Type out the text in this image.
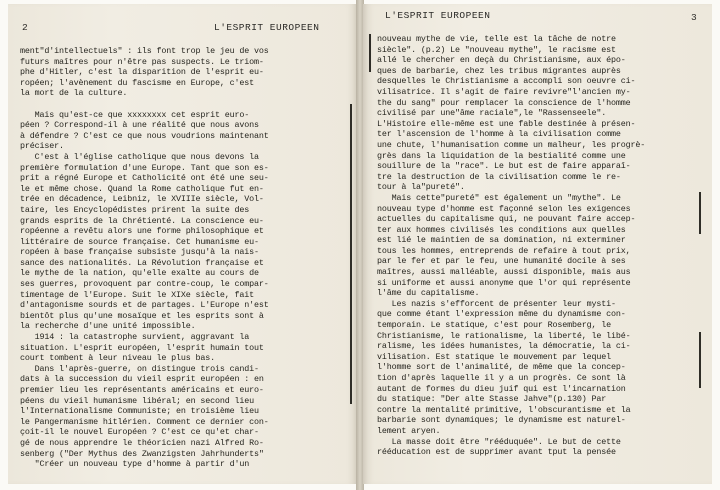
2	L'ESPRIT EUROPEEN
ment"d'intellectuels" : ils font trop le jeu de vos
futurs maîtres pour n'être pas suspects. Le triom-
phe d'Hitler, c'est la disparition de l'esprit eu-
ropéen; l'avènement du fascisme en Europe, c'est
la mort de la culture.

Mais qu'est-ce que xxxxxxxx cet esprit euro-
péen ? Correspond-il à une réalité que nous avons
à défendre ? C'est ce que nous voudrions maintenant
préciser.
C'est à l'église catholique que nous devons la
première formulation d'une Europe. Tant que son es-
prit a régné Europe et Catholicité ont été une seu-
le et même chose. Quand la Rome catholique fut en-
trée en décadence, Leibniz, le XVIIIe siècle, Vol-
taire, les Encyclopédistes prirent la suite des
grands esprits de la Chrétienté. La conscience eu-
ropéenne a revêtu alors une forme philosophique et
littéraire de source française. Cet humanisme eu-
ropéen à base française subsiste jusqu'à la nais-
sance des nationalités. La Révolution française et
le mythe de la nation, qu'elle exalte au cours de
ses guerres, provoquent par contre-coup, le compar-
timentage de l'Europe. Suit le XIXe siècle, fait
d'antagonisme sourds et de partages. L'Europe n'est
bientôt plus qu'une mosaïque et les esprits sont à
la recherche d'une unité impossible.
1914 : la catastrophe survient, aggravant la
situation. L'esprit européen, l'esprit humain tout
court tombent à leur niveau le plus bas.
Dans l'après-guerre, on distingue trois candi-
dats à la succession du vieil esprit européen : en
premier lieu les représentants américains et euro-
péens du vieil humanisme libéral; en second lieu
l'Internationalisme Communiste; en troisième lieu
le Pangermanisme hitlérien. Comment ce dernier con-
çoit-il le nouvel Européen ? C'est ce qu'et char-
gé de nous apprendre le théoricien nazi Alfred Ro-
senberg ("Der Mythus des Zwanzigsten Jahrhunderts"
"Créer un nouveau type d'homme à partir d'un
L'ESPRIT EUROPEEN	3
nouveau mythe de vie, telle est la tâche de notre
siècle". (p.2) Le "nouveau mythe", le racisme est
allé le chercher en deçà du Christianisme, aux épo-
ques de barbarie, chez les tribus migrantes auprès
desquelles le Christianisme a accompli son oeuvre ci-
vilisatrice. Il s'agit de faire revivre"l'ancien my-
the du sang" pour remplacer la conscience de l'homme
civilisé par une"âme raciale",le "Rassenseele".
L'Histoire elle-même est une fable destinée à présen-
ter l'ascension de l'homme à la civilisation comme
une chute, l'humanisation comme un malheur, les progrè-
grès dans la liquidation de la bestialité comme une
souillure de la "race". Le but est de faire apparaî-
tre la destruction de la civilisation comme le re-
tour à la"pureté".
Mais cette"pureté" est également un "mythe". Le
nouveau type d'homme est façonné selon les exigences
actuelles du capitalisme qui, ne pouvant faire accep-
ter aux hommes civilisés les conditions aux quelles
est lié le maintien de sa domination, ni exterminer
tous les hommes, entreprends de refaire à tout prix,
par le fer et par le feu, une humanité docile à ses
maîtres, aussi malléable, aussi disponible, mais aus
si uniforme et aussi anonyme que l'or qui représente
l'âme du capitalisme.
Les nazis s'efforcent de présenter leur mysti-
que comme étant l'expression même du dynamisme con-
temporain. Le statique, c'est pour Rosemberg, le
Christianisme, le rationalisme, la liberté, le libé-
ralisme, les idées humanistes, la démocratie, la ci-
vilisation. Est statique le mouvement par lequel
l'homme sort de l'animalité, de même que la concep-
tion d'après laquelle il y a un progrès. Ce sont là
autant de formes du dieu juif qui est l'incarnation
du statique: "Der alte Stasse Jahve"(p.130) Par
contre la mentalité primitive, l'obscurantisme et la
barbarie sont dynamiques; le dynamisme est naturel-
lement aryen.
La masse doit être "rééduquée". Le but de cette
rééducation est de supprimer avant tput la pensée
